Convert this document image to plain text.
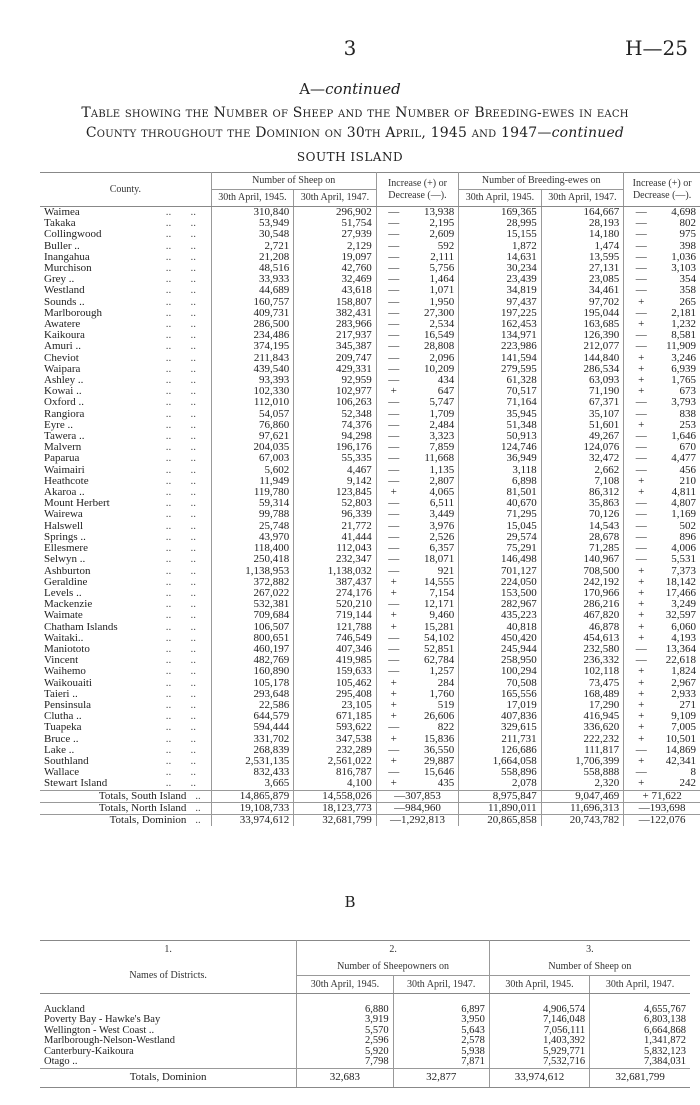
3	H—25
A—continued
Table showing the Number of Sheep and the Number of Breeding-ewes in each
County throughout the Dominion on 30th April, 1945 and 1947—continued
SOUTH ISLAND
County.			Number of Sheep on		Increase (+) or Decrease (—).	Number of Breeding-ewes on		Increase (+) or Decrease (—).
			30th April, 1945.	30th April, 1947.		30th April, 1945.	30th April, 1947.	
Waimea	..	..	310,840	296,902	— 13,938	169,365	164,667	— 4,698
Takaka	..	..	53,949	51,754	— 2,195	28,995	28,193	— 802
Collingwood	..	..	30,548	27,939	— 2,609	15,155	14,180	— 975
Buller ..	..	..	2,721	2,129	— 592	1,872	1,474	— 398
Inangahua	..	..	21,208	19,097	— 2,111	14,631	13,595	— 1,036
Murchison	..	..	48,516	42,760	— 5,756	30,234	27,131	— 3,103
Grey ..	..	..	33,933	32,469	— 1,464	23,439	23,085	— 354
Westland	..	..	44,689	43,618	— 1,071	34,819	34,461	— 358
Sounds ..	..	..	160,757	158,807	— 1,950	97,437	97,702	+ 265
Marlborough	..	..	409,731	382,431	— 27,300	197,225	195,044	— 2,181
Awatere	..	..	286,500	283,966	— 2,534	162,453	163,685	+ 1,232
Kaikoura	..	..	234,486	217,937	— 16,549	134,971	126,390	— 8,581
Amuri ..	..	..	374,195	345,387	— 28,808	223,986	212,077	— 11,909
Cheviot	..	..	211,843	209,747	— 2,096	141,594	144,840	+ 3,246
Waipara	..	..	439,540	429,331	— 10,209	279,595	286,534	+ 6,939
Ashley ..	..	..	93,393	92,959	— 434	61,328	63,093	+ 1,765
Kowai ..	..	..	102,330	102,977	+ 647	70,517	71,190	+ 673
Oxford ..	..	..	112,010	106,263	— 5,747	71,164	67,371	— 3,793
Rangiora	..	..	54,057	52,348	— 1,709	35,945	35,107	— 838
Eyre ..	..	..	76,860	74,376	— 2,484	51,348	51,601	+ 253
Tawera ..	..	..	97,621	94,298	— 3,323	50,913	49,267	— 1,646
Malvern	..	..	204,035	196,176	— 7,859	124,746	124,076	— 670
Paparua	..	..	67,003	55,335	— 11,668	36,949	32,472	— 4,477
Waimairi	..	..	5,602	4,467	— 1,135	3,118	2,662	— 456
Heathcote	..	..	11,949	9,142	— 2,807	6,898	7,108	+ 210
Akaroa ..	..	..	119,780	123,845	+ 4,065	81,501	86,312	+ 4,811
Mount Herbert	..	..	59,314	52,803	— 6,511	40,670	35,863	— 4,807
Wairewa	..	..	99,788	96,339	— 3,449	71,295	70,126	— 1,169
Halswell	..	..	25,748	21,772	— 3,976	15,045	14,543	— 502
Springs ..	..	..	43,970	41,444	— 2,526	29,574	28,678	— 896
Ellesmere	..	..	118,400	112,043	— 6,357	75,291	71,285	— 4,006
Selwyn ..	..	..	250,418	232,347	— 18,071	146,498	140,967	— 5,531
Ashburton	..	..	1,138,953	1,138,032	— 921	701,127	708,500	+ 7,373
Geraldine	..	..	372,882	387,437	+ 14,555	224,050	242,192	+ 18,142
Levels ..	..	..	267,022	274,176	+ 7,154	153,500	170,966	+ 17,466
Mackenzie	..	..	532,381	520,210	— 12,171	282,967	286,216	+ 3,249
Waimate	..	..	709,684	719,144	+ 9,460	435,223	467,820	+ 32,597
Chatham Islands	..	..	106,507	121,788	+ 15,281	40,818	46,878	+ 6,060
Waitaki..	..	..	800,651	746,549	— 54,102	450,420	454,613	+ 4,193
Maniototo	..	..	460,197	407,346	— 52,851	245,944	232,580	— 13,364
Vincent	..	..	482,769	419,985	— 62,784	258,950	236,332	— 22,618
Waihemo	..	..	160,890	159,633	— 1,257	100,294	102,118	+ 1,824
Waikouaiti	..	..	105,178	105,462	+ 284	70,508	73,475	+ 2,967
Taieri ..	..	..	293,648	295,408	+ 1,760	165,556	168,489	+ 2,933
Pensinsula	..	..	22,586	23,105	+ 519	17,019	17,290	+ 271
Clutha ..	..	..	644,579	671,185	+ 26,606	407,836	416,945	+ 9,109
Tuapeka	..	..	594,444	593,622	— 822	329,615	336,620	+ 7,005
Bruce ..	..	..	331,702	347,538	+ 15,836	211,731	222,232	+ 10,501
Lake ..	..	..	268,839	232,289	— 36,550	126,686	111,817	— 14,869
Southland	..	..	2,531,135	2,561,022	+ 29,887	1,664,058	1,706,399	+ 42,341
Wallace	..	..	832,433	816,787	— 15,646	558,896	558,888	— 8
Stewart Island	..	..	3,665	4,100	+ 435	2,078	2,320	+ 242
Totals, South Island ..			14,865,879	14,558,026	—307,853	8,975,847	9,047,469	+ 71,622
Totals, North Island ..			19,108,733	18,123,773	—984,960	11,890,011	11,696,313	—193,698
Totals, Dominion ..			33,974,612	32,681,799	—1,292,813	20,865,858	20,743,782	—122,076
B
1.	2.		3.	
Names of Districts.	Number of Sheepowners on		Number of Sheep on	
	30th April, 1945.	30th April, 1947.	30th April, 1945.	30th April, 1947.

Auckland	6,880	6,897	4,906,574	4,655,767
Poverty Bay - Hawke's Bay	3,919	3,950	7,146,048	6,803,138
Wellington - West Coast ..	5,570	5,643	7,056,111	6,664,868
Marlborough-Nelson-Westland	2,596	2,578	1,403,392	1,341,872
Canterbury-Kaikoura	5,920	5,938	5,929,771	5,832,123
Otago ..	7,798	7,871	7,532,716	7,384,031
Totals, Dominion	32,683	32,877	33,974,612	32,681,799
